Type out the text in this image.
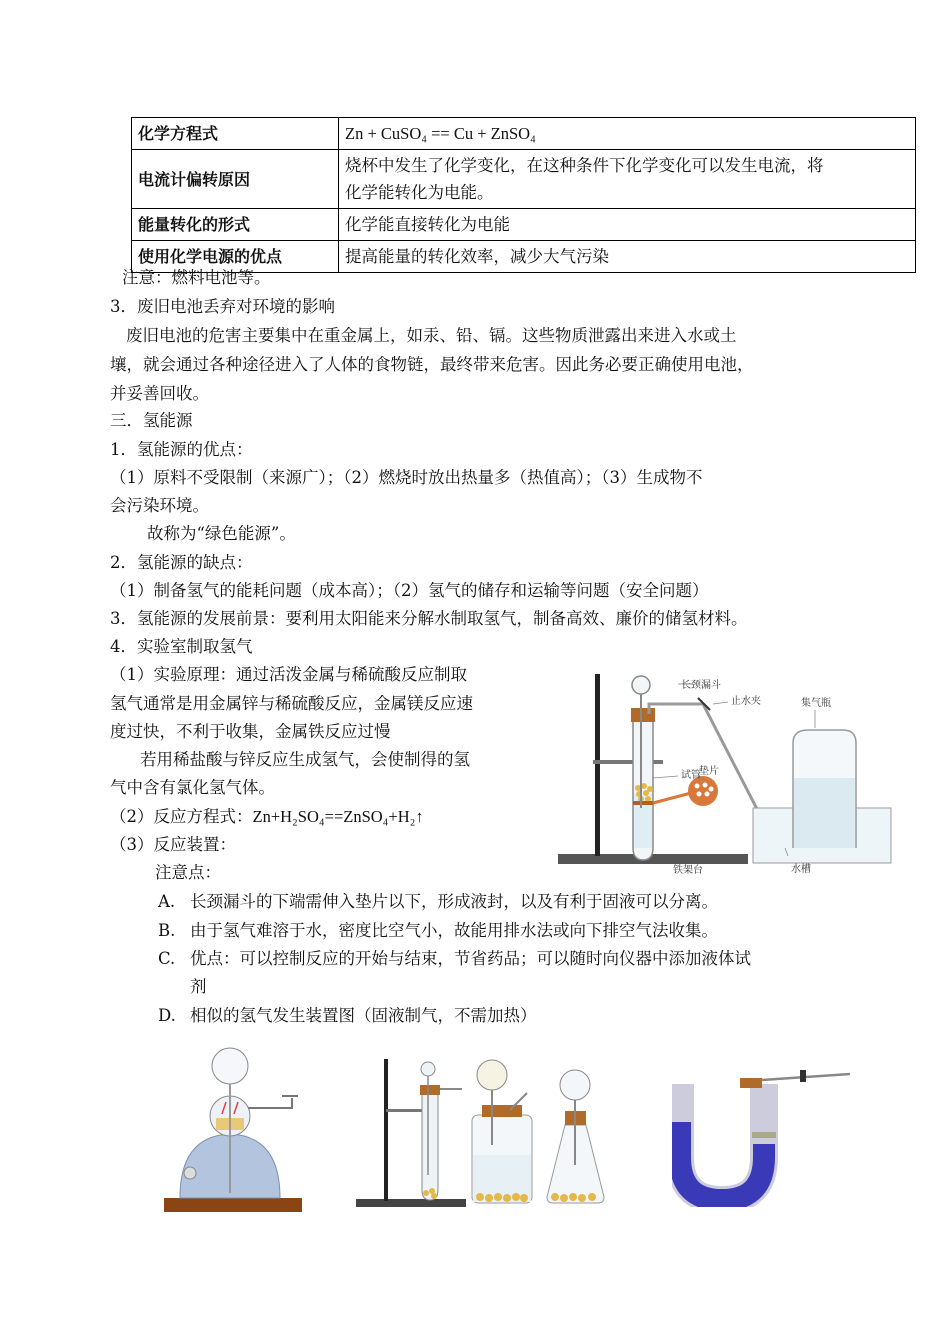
化学方程式	Zn + CuSO₄ == Cu + ZnSO₄
电流计偏转原因	烧杯中发生了化学变化，在这种条件下化学变化可以发生电流，将
化学能转化为电能。

能量转化的形式	化学能直接转化为电能
使用化学电源的优点	提高能量的转化效率，减少大气污染
注意：燃料电池等。
3．废旧电池丢弃对环境的影响
废旧电池的危害主要集中在重金属上，如汞、铅、镉。这些物质泄露出来进入水或土
壤，就会通过各种途径进入了人体的食物链，最终带来危害。因此务必要正确使用电池，
并妥善回收。
三．氢能源
1．氢能源的优点：
（1）原料不受限制（来源广）；（2）燃烧时放出热量多（热值高）；（3）生成物不
会污染环境。
故称为“绿色能源”。
2．氢能源的缺点：
（1）制备氢气的能耗问题（成本高）；（2）氢气的储存和运输等问题（安全问题）
3．氢能源的发展前景：要利用太阳能来分解水制取氢气，制备高效、廉价的储氢材料。
4．实验室制取氢气
（1）实验原理：通过活泼金属与稀硫酸反应制取
氢气通常是用金属锌与稀硫酸反应，金属镁反应速
度过快，不利于收集，金属铁反应过慢
若用稀盐酸与锌反应生成氢气，会使制得的氢
气中含有氯化氢气体。
（2）反应方程式：Zn+H₂SO₄==ZnSO₄+H₂↑
（3）反应装置：
注意点：
A. 长颈漏斗的下端需伸入垫片以下，形成液封，以及有利于固液可以分离。
B. 由于氢气难溶于水，密度比空气小，故能用排水法或向下排空气法收集。
C. 优点：可以控制反应的开始与结束，节省药品；可以随时向仪器中添加液体试
剂
D. 相似的氢气发生装置图（固液制气，不需加热）
长颈漏斗
止水夹	集气瓶
试管
垫片
铁架台	水槽
